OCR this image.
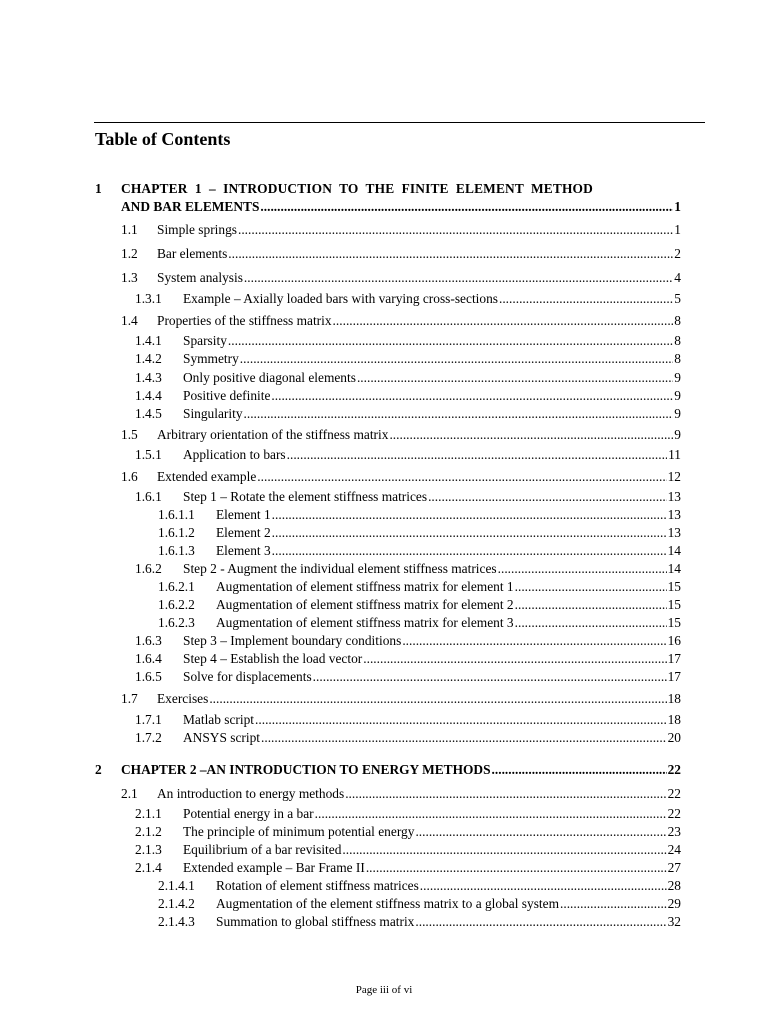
Table of Contents
1	CHAPTER 1 – INTRODUCTION TO THE FINITE ELEMENT METHOD
AND BAR ELEMENTS .....	1
1.1	Simple springs .....	1
1.2	Bar elements .....	2
1.3	System analysis .....	4
1.3.1	Example – Axially loaded bars with varying cross-sections .....	5
1.4	Properties of the stiffness matrix .....	8
1.4.1	Sparsity .....	8
1.4.2	Symmetry .....	8
1.4.3	Only positive diagonal elements .....	9
1.4.4	Positive definite .....	9
1.4.5	Singularity .....	9
1.5	Arbitrary orientation of the stiffness matrix .....	9
1.5.1	Application to bars .....	11
1.6	Extended example .....	12
1.6.1	Step 1 – Rotate the element stiffness matrices .....	13
1.6.1.1	Element 1 .....	13
1.6.1.2	Element 2 .....	13
1.6.1.3	Element 3 .....	14
1.6.2	Step 2 - Augment the individual element stiffness matrices .....	14
1.6.2.1	Augmentation of element stiffness matrix for element 1 .....	15
1.6.2.2	Augmentation of element stiffness matrix for element 2 .....	15
1.6.2.3	Augmentation of element stiffness matrix for element 3 .....	15
1.6.3	Step 3 – Implement boundary conditions .....	16
1.6.4	Step 4 – Establish the load vector .....	17
1.6.5	Solve for displacements .....	17
1.7	Exercises .....	18
1.7.1	Matlab script .....	18
1.7.2	ANSYS script .....	20
2	CHAPTER 2 –AN INTRODUCTION TO ENERGY METHODS .....	22
2.1	An introduction to energy methods .....	22
2.1.1	Potential energy in a bar .....	22
2.1.2	The principle of minimum potential energy .....	23
2.1.3	Equilibrium of a bar revisited .....	24
2.1.4	Extended example – Bar Frame II .....	27
2.1.4.1	Rotation of element stiffness matrices .....	28
2.1.4.2	Augmentation of the element stiffness matrix to a global system .....	29
2.1.4.3	Summation to global stiffness matrix .....	32
Page iii of vi
